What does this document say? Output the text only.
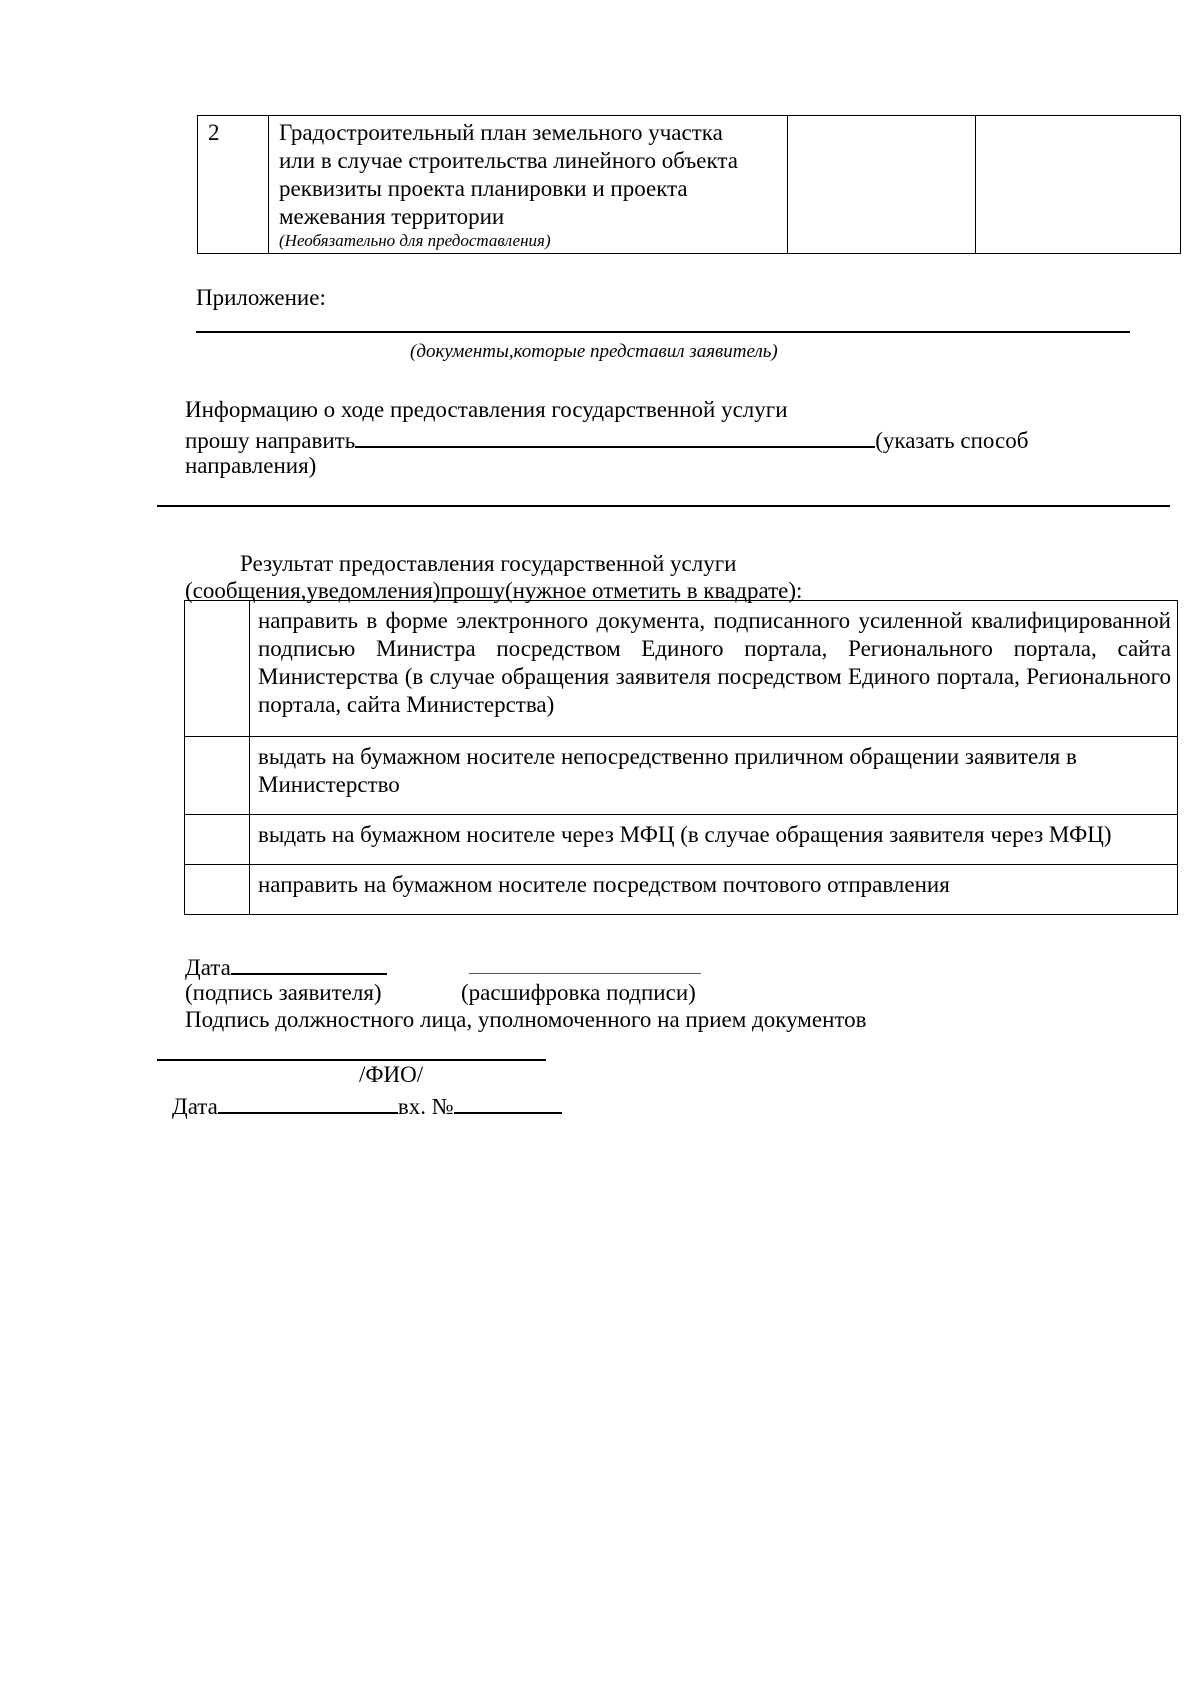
2	Градостроительный план земельного участка
или в случае строительства линейного объекта
реквизиты проекта планировки и проекта
межевания территории
(Необязательно для предоставления)

Приложение:
(документы,которые представил заявитель)
Информацию о ходе предоставления государственной услуги
прошу направить	(указать способ
направления)
Результат предоставления государственной услуги
(сообщения,уведомления)прошу(нужное отметить в квадрате):
	направить в форме электронного документа, подписанного усиленной квалифицированной подписью Министра посредством Единого портала, Регионального портала, сайта Министерства (в случае обращения заявителя посредством Единого портала, Регионального портала, сайта Министерства)
	выдать на бумажном носителе непосредственно приличном обращении заявителя в Министерство
	выдать на бумажном носителе через МФЦ (в случае обращения заявителя через МФЦ)
	направить на бумажном носителе посредством почтового отправления
Дата
(подпись заявителя)	(расшифровка подписи)
Подпись должностного лица, уполномоченного на прием документов
/ФИО/
Дата	вх. №
